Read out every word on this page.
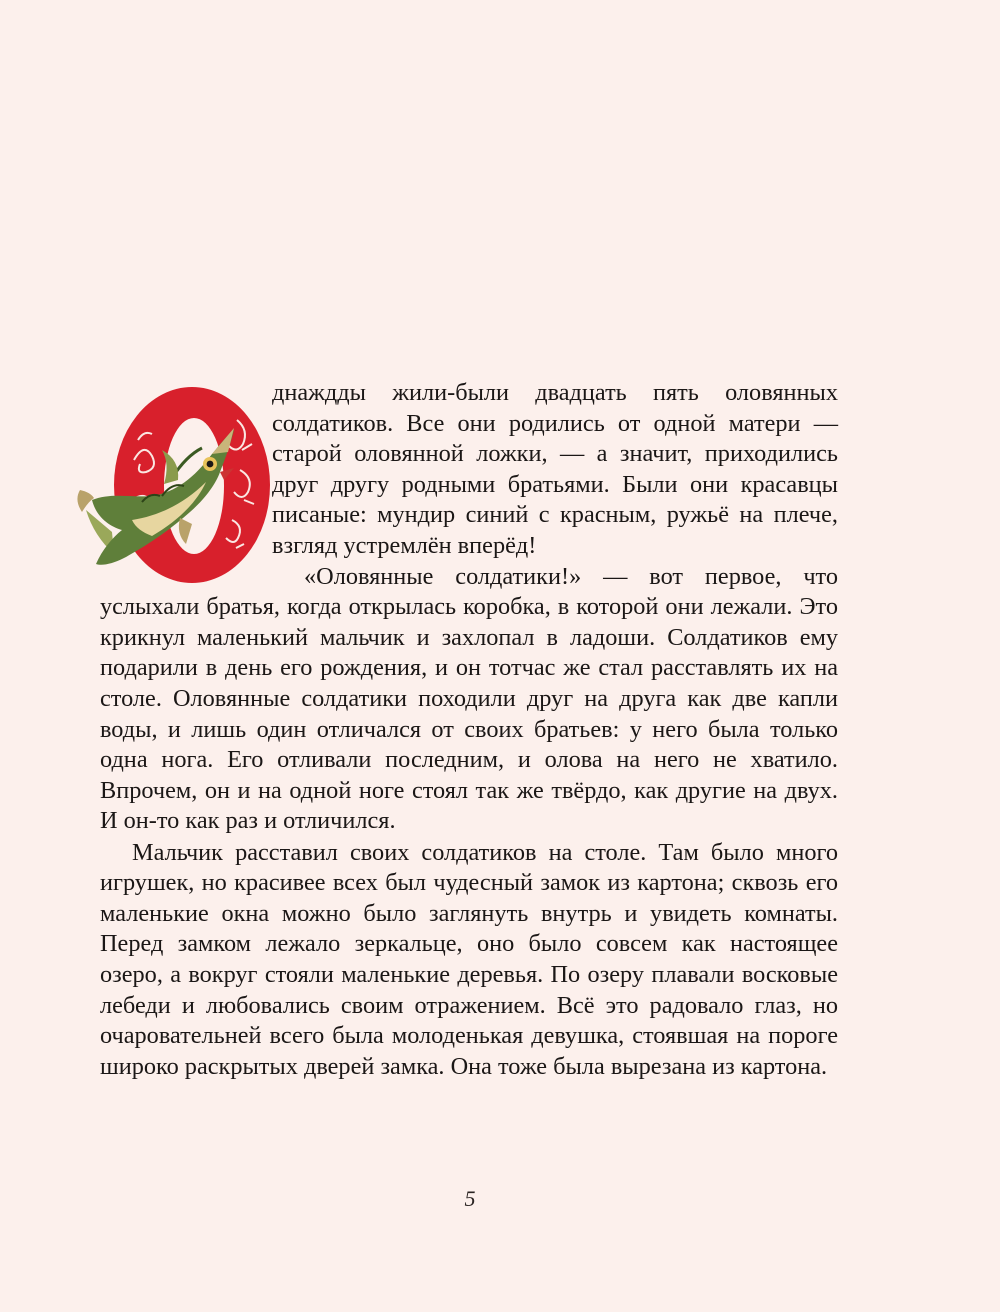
днаждды жили-были двадцать пять оловянных солдатиков. Все они родились от одной матери — старой оловянной ложки, — а значит, приходились друг другу родными братьями. Были они красавцы писаные: мундир синий с красным, ружьё на плече, взгляд устремлён вперёд!

«Оловянные солдатики!» — вот первое, что услыхали братья, когда открылась коробка, в которой они лежали. Это крикнул маленький мальчик и захлопал в ладоши. Солдатиков ему подарили в день его рождения, и он тотчас же стал расставлять их на столе. Оловянные солдатики походили друг на друга как две капли воды, и лишь один отличался от своих братьев: у него была только одна нога. Его отливали последним, и олова на него не хватило. Впрочем, он и на одной ноге стоял так же твёрдо, как другие на двух. И он-то как раз и отличился.

Мальчик расставил своих солдатиков на столе. Там было много игрушек, но красивее всех был чудесный замок из картона; сквозь его маленькие окна можно было заглянуть внутрь и увидеть комнаты. Перед замком лежало зеркальце, оно было совсем как настоящее озеро, а вокруг стояли маленькие деревья. По озеру плавали восковые лебеди и любовались своим отражением. Всё это радовало глаз, но очаровательней всего была молоденькая девушка, стоявшая на пороге широко раскрытых дверей замка. Она тоже была вырезана из картона.

5
